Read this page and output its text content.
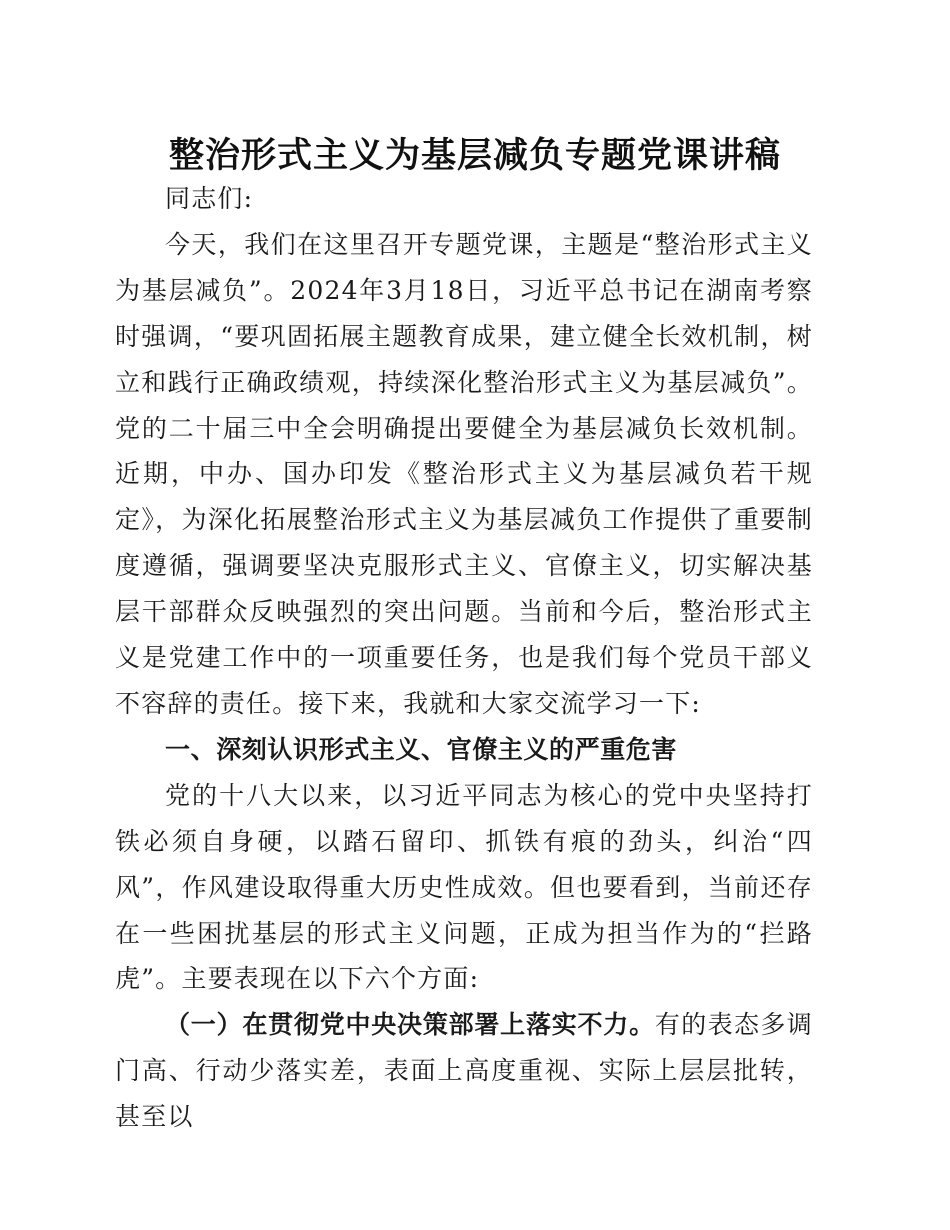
整治形式主义为基层减负专题党课讲稿

同志们:

今天，我们在这里召开专题党课，主题是“整治形式主义为基层减负”。2024年3月18日，习近平总书记在湖南考察时强调，“要巩固拓展主题教育成果，建立健全长效机制，树立和践行正确政绩观，持续深化整治形式主义为基层减负”。党的二十届三中全会明确提出要健全为基层减负长效机制。近期，中办、国办印发《整治形式主义为基层减负若干规定》，为深化拓展整治形式主义为基层减负工作提供了重要制度遵循，强调要坚决克服形式主义、官僚主义，切实解决基层干部群众反映强烈的突出问题。当前和今后，整治形式主义是党建工作中的一项重要任务，也是我们每个党员干部义不容辞的责任。接下来，我就和大家交流学习一下:

一、深刻认识形式主义、官僚主义的严重危害

党的十八大以来，以习近平同志为核心的党中央坚持打铁必须自身硬，以踏石留印、抓铁有痕的劲头，纠治“四风”，作风建设取得重大历史性成效。但也要看到，当前还存在一些困扰基层的形式主义问题，正成为担当作为的“拦路虎”。主要表现在以下六个方面:

（一）在贯彻党中央决策部署上落实不力。有的表态多调门高、行动少落实差，表面上高度重视、实际上层层批转，甚至以
